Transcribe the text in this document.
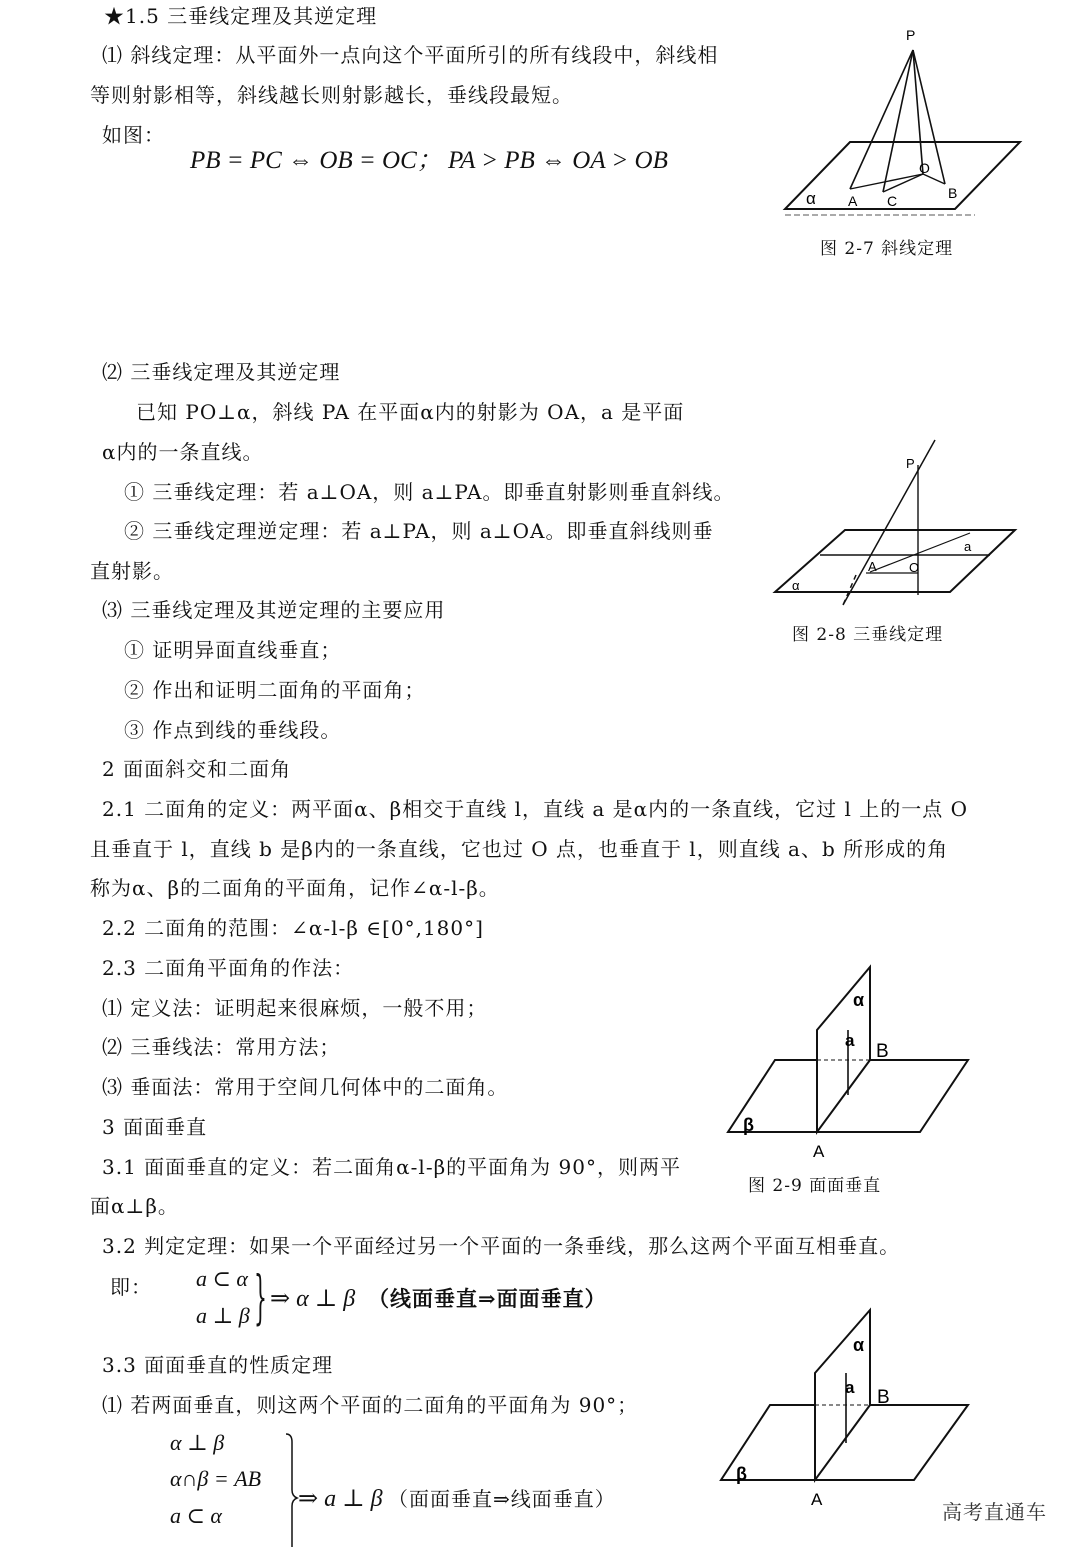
★1.5 三垂线定理及其逆定理
⑴ 斜线定理：从平面外一点向这个平面所引的所有线段中，斜线相
等则射影相等，斜线越长则射影越长，垂线段最短。
如图：
PB = PC ⇔ OB = OC； PA > PB ⇔ OA > OB
P
O
α A C	B
图 2-7 斜线定理
⑵ 三垂线定理及其逆定理
已知 PO⊥α，斜线 PA 在平面α内的射影为 OA，a 是平面
α内的一条直线。
① 三垂线定理：若 a⊥OA，则 a⊥PA。即垂直射影则垂直斜线。
② 三垂线定理逆定理：若 a⊥PA，则 a⊥OA。即垂直斜线则垂
直射影。
P
a
A O
α
图 2-8 三垂线定理
⑶ 三垂线定理及其逆定理的主要应用
① 证明异面直线垂直；
② 作出和证明二面角的平面角；
③ 作点到线的垂线段。
2 面面斜交和二面角
2.1 二面角的定义：两平面α、β相交于直线 l，直线 a 是α内的一条直线，它过 l 上的一点 O
且垂直于 l，直线 b 是β内的一条直线，它也过 O 点，也垂直于 l，则直线 a、b 所形成的角
称为α、β的二面角的平面角，记作∠α-l-β。
2.2 二面角的范围：∠α-l-β ∈[0°,180°]
2.3 二面角平面角的作法：
⑴ 定义法：证明起来很麻烦，一般不用；
⑵ 三垂线法：常用方法；
⑶ 垂面法：常用于空间几何体中的二面角。
3 面面垂直
3.1 面面垂直的定义：若二面角α-l-β的平面角为 90°，则两平
面α⊥β。
α
a
B
β
A
图 2-9 面面垂直
3.2 判定定理：如果一个平面经过另一个平面的一条垂线，那么这两个平面互相垂直。
即： a ⊂ α
a ⊥ β } ⇒ α ⊥ β （线面垂直⇒面面垂直）
3.3 面面垂直的性质定理
⑴ 若两面垂直，则这两个平面的二面角的平面角为 90°；
α ⊥ β
α∩β = AB
a ⊂ α
⇒ a ⊥ β （面面垂直⇒线面垂直）
α
a B
β
A
高考直通车
